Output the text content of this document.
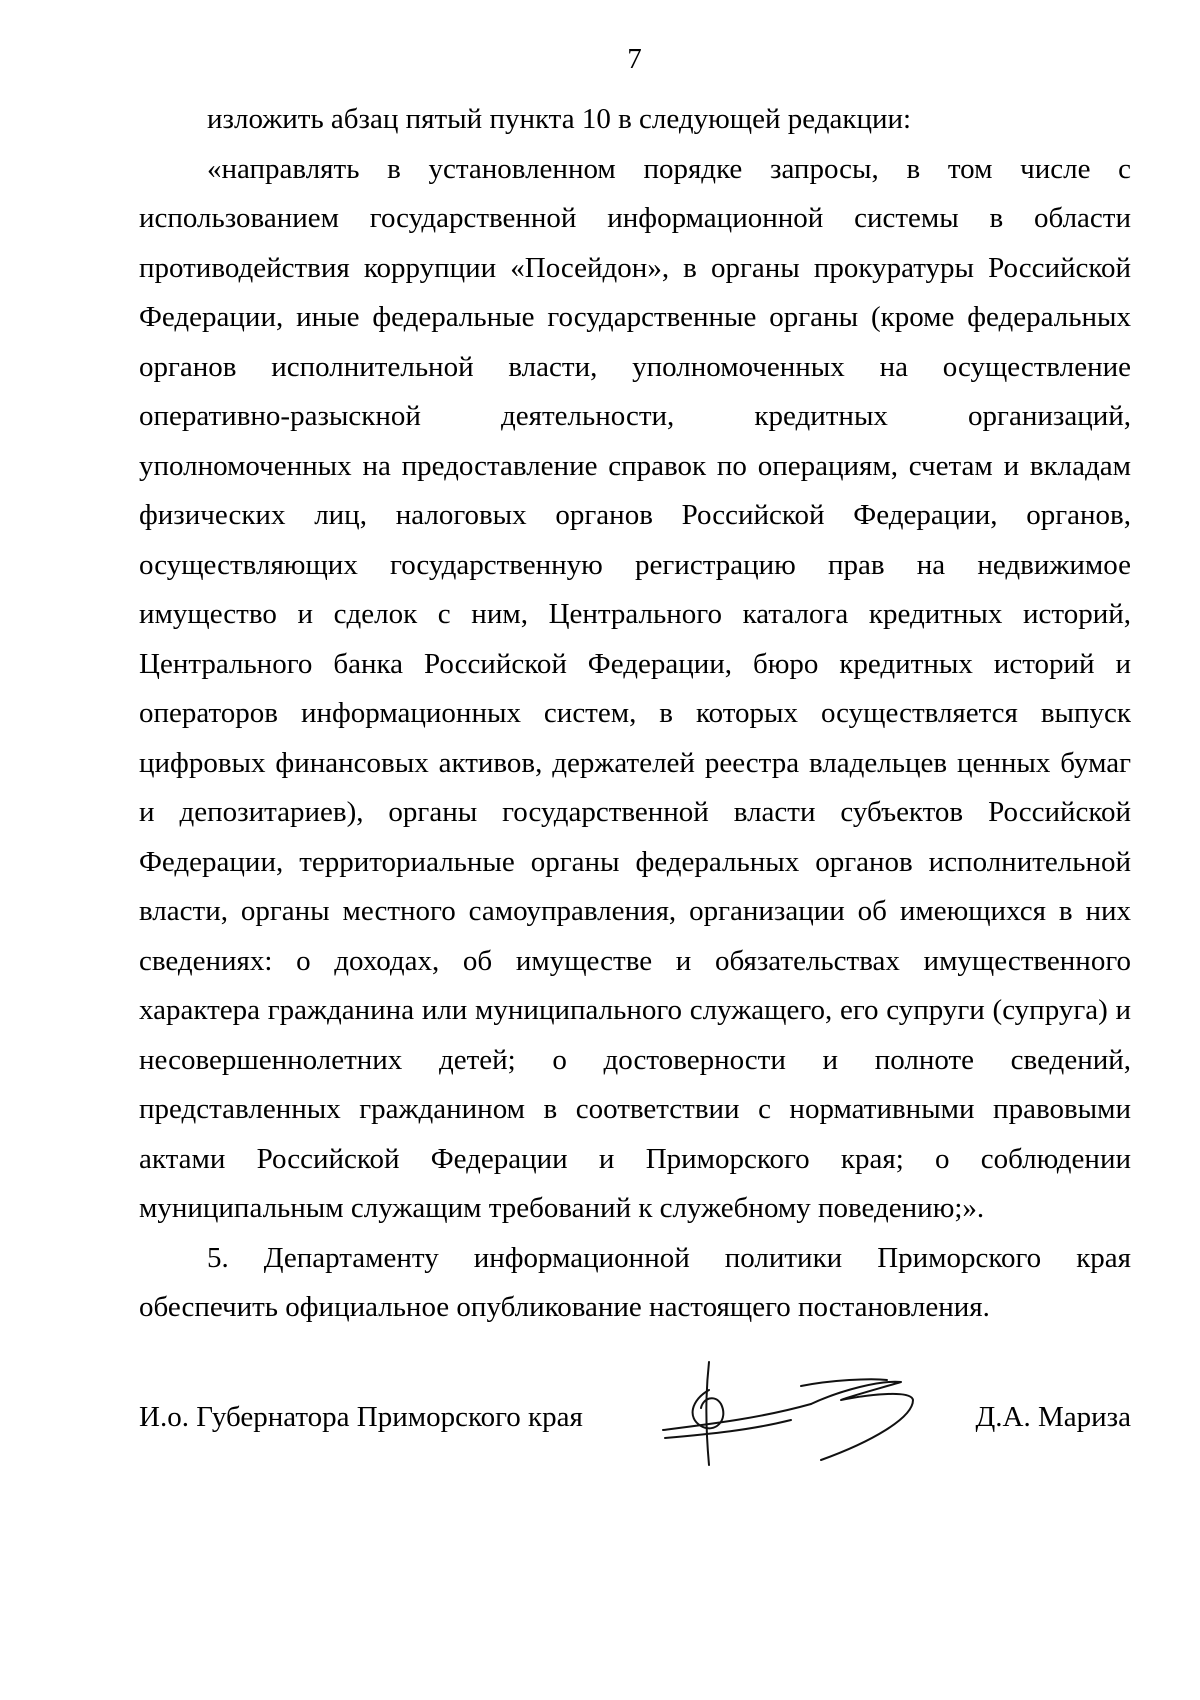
7

изложить абзац пятый пункта 10 в следующей редакции:

«направлять в установленном порядке запросы, в том числе с использованием государственной информационной системы в области противодействия коррупции «Посейдон», в органы прокуратуры Российской Федерации, иные федеральные государственные органы (кроме федеральных органов исполнительной власти, уполномоченных на осуществление оперативно-разыскной деятельности, кредитных организаций, уполномоченных на предоставление справок по операциям, счетам и вкладам физических лиц, налоговых органов Российской Федерации, органов, осуществляющих государственную регистрацию прав на недвижимое имущество и сделок с ним, Центрального каталога кредитных историй, Центрального банка Российской Федерации, бюро кредитных историй и операторов информационных систем, в которых осуществляется выпуск цифровых финансовых активов, держателей реестра владельцев ценных бумаг и депозитариев), органы государственной власти субъектов Российской Федерации, территориальные органы федеральных органов исполнительной власти, органы местного самоуправления, организации об имеющихся в них сведениях: о доходах, об имуществе и обязательствах имущественного характера гражданина или муниципального служащего, его супруги (супруга) и несовершеннолетних детей; о достоверности и полноте сведений, представленных гражданином в соответствии с нормативными правовыми актами Российской Федерации и Приморского края; о соблюдении муниципальным служащим требований к служебному поведению;».

5. Департаменту информационной политики Приморского края обеспечить официальное опубликование настоящего постановления.

И.о. Губернатора Приморского края	Д.А. Мариза
